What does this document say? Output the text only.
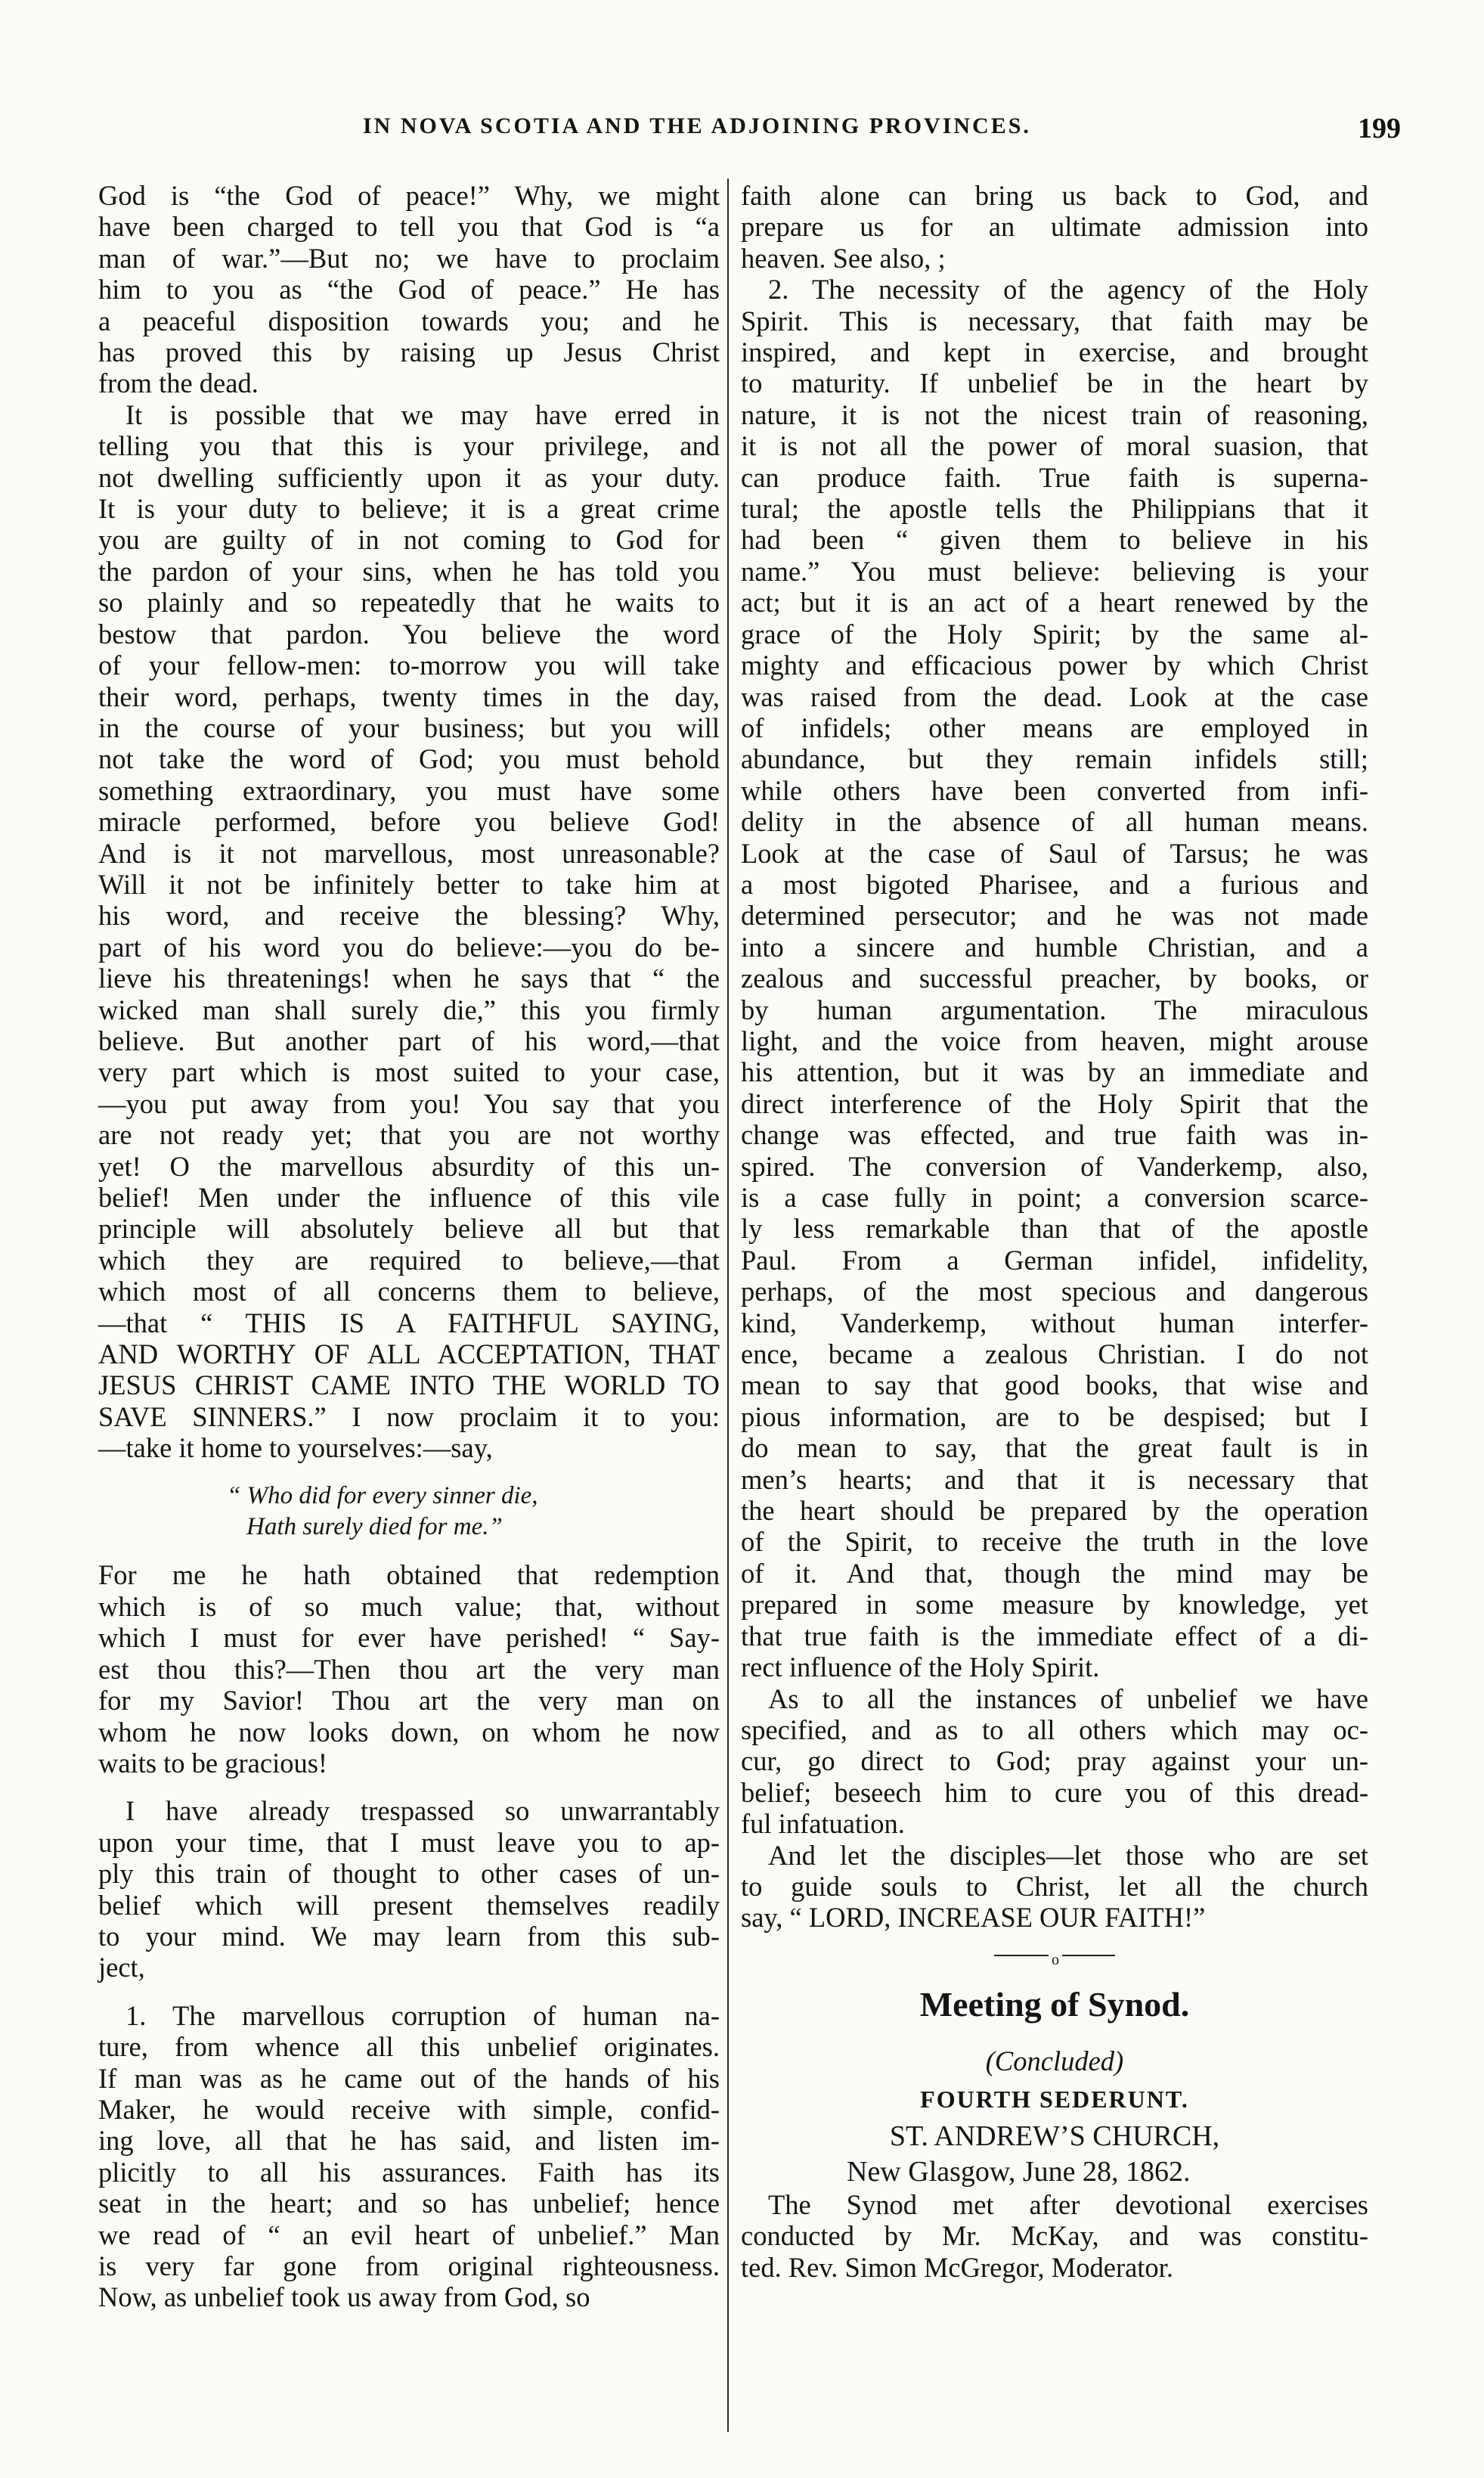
IN NOVA SCOTIA AND THE ADJOINING PROVINCES.	199
God is “the God of peace!” Why, we might
have been charged to tell you that God is “a
man of war.”—But no; we have to proclaim
him to you as “the God of peace.” He has
a peaceful disposition towards you; and he
has proved this by raising up Jesus Christ
from the dead.
It is possible that we may have erred in
telling you that this is your privilege, and
not dwelling sufficiently upon it as your duty.
It is your duty to believe; it is a great crime
you are guilty of in not coming to God for
the pardon of your sins, when he has told you
so plainly and so repeatedly that he waits to
bestow that pardon. You believe the word
of your fellow-men: to-morrow you will take
their word, perhaps, twenty times in the day,
in the course of your business; but you will
not take the word of God; you must behold
something extraordinary, you must have some
miracle performed, before you believe God!
And is it not marvellous, most unreasonable?
Will it not be infinitely better to take him at
his word, and receive the blessing? Why,
part of his word you do believe:—you do be-
lieve his threatenings! when he says that “ the
wicked man shall surely die,” this you firmly
believe. But another part of his word,—that
very part which is most suited to your case,
—you put away from you! You say that you
are not ready yet; that you are not worthy
yet! O the marvellous absurdity of this un-
belief! Men under the influence of this vile
principle will absolutely believe all but that
which they are required to believe,—that
which most of all concerns them to believe,
—that “ THIS IS A FAITHFUL SAYING,
AND WORTHY OF ALL ACCEPTATION, THAT
JESUS CHRIST CAME INTO THE WORLD TO
SAVE SINNERS.” I now proclaim it to you:
—take it home to yourselves:—say,
“ Who did for every sinner die,
Hath surely died for me.”
For me he hath obtained that redemption
which is of so much value; that, without
which I must for ever have perished! “ Say-
est thou this?—Then thou art the very man
for my Savior! Thou art the very man on
whom he now looks down, on whom he now
waits to be gracious!
I have already trespassed so unwarrantably
upon your time, that I must leave you to ap-
ply this train of thought to other cases of un-
belief which will present themselves readily
to your mind. We may learn from this sub-
ject,
1. The marvellous corruption of human na-
ture, from whence all this unbelief originates.
If man was as he came out of the hands of his
Maker, he would receive with simple, confid-
ing love, all that he has said, and listen im-
plicitly to all his assurances. Faith has its
seat in the heart; and so has unbelief; hence
we read of “ an evil heart of unbelief.” Man
is very far gone from original righteousness.
Now, as unbelief took us away from God, so
faith alone can bring us back to God, and
prepare us for an ultimate admission into
heaven. See also, ;
2. The necessity of the agency of the Holy
Spirit. This is necessary, that faith may be
inspired, and kept in exercise, and brought
to maturity. If unbelief be in the heart by
nature, it is not the nicest train of reasoning,
it is not all the power of moral suasion, that
can produce faith. True faith is superna-
tural; the apostle tells the Philippians that it
had been “ given them to believe in his
name.” You must believe: believing is your
act; but it is an act of a heart renewed by the
grace of the Holy Spirit; by the same al-
mighty and efficacious power by which Christ
was raised from the dead. Look at the case
of infidels; other means are employed in
abundance, but they remain infidels still;
while others have been converted from infi-
delity in the absence of all human means.
Look at the case of Saul of Tarsus; he was
a most bigoted Pharisee, and a furious and
determined persecutor; and he was not made
into a sincere and humble Christian, and a
zealous and successful preacher, by books, or
by human argumentation. The miraculous
light, and the voice from heaven, might arouse
his attention, but it was by an immediate and
direct interference of the Holy Spirit that the
change was effected, and true faith was in-
spired. The conversion of Vanderkemp, also,
is a case fully in point; a conversion scarce-
ly less remarkable than that of the apostle
Paul. From a German infidel, infidelity,
perhaps, of the most specious and dangerous
kind, Vanderkemp, without human interfer-
ence, became a zealous Christian. I do not
mean to say that good books, that wise and
pious information, are to be despised; but I
do mean to say, that the great fault is in
men’s hearts; and that it is necessary that
the heart should be prepared by the operation
of the Spirit, to receive the truth in the love
of it. And that, though the mind may be
prepared in some measure by knowledge, yet
that true faith is the immediate effect of a di-
rect influence of the Holy Spirit.
As to all the instances of unbelief we have
specified, and as to all others which may oc-
cur, go direct to God; pray against your un-
belief; beseech him to cure you of this dread-
ful infatuation.
And let the disciples—let those who are set
to guide souls to Christ, let all the church
say, “ LORD, INCREASE OUR FAITH!”
o
Meeting of Synod.
(Concluded)
FOURTH SEDERUNT.
ST. ANDREW’S CHURCH,
New Glasgow, June 28, 1862.
The Synod met after devotional exercises
conducted by Mr. McKay, and was constitu-
ted. Rev. Simon McGregor, Moderator.
